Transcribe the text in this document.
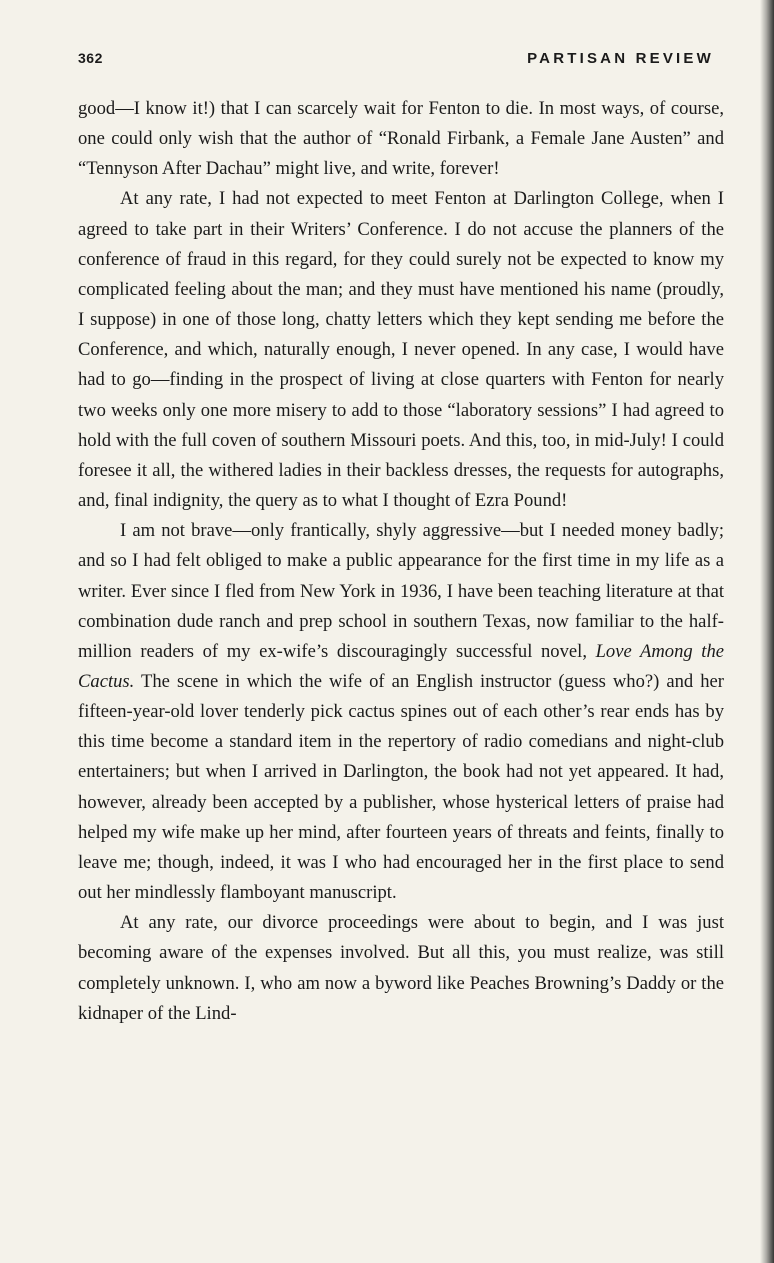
362	PARTISAN REVIEW

good—I know it!) that I can scarcely wait for Fenton to die. In most ways, of course, one could only wish that the author of “Ronald Firbank, a Female Jane Austen” and “Tennyson After Dachau” might live, and write, forever!

At any rate, I had not expected to meet Fenton at Darlington College, when I agreed to take part in their Writers’ Conference. I do not accuse the planners of the conference of fraud in this regard, for they could surely not be expected to know my complicated feeling about the man; and they must have mentioned his name (proudly, I suppose) in one of those long, chatty letters which they kept sending me before the Conference, and which, naturally enough, I never opened. In any case, I would have had to go—finding in the prospect of living at close quarters with Fenton for nearly two weeks only one more misery to add to those “laboratory sessions” I had agreed to hold with the full coven of southern Missouri poets. And this, too, in mid-July! I could foresee it all, the withered ladies in their backless dresses, the requests for autographs, and, final indignity, the query as to what I thought of Ezra Pound!

I am not brave—only frantically, shyly aggressive—but I needed money badly; and so I had felt obliged to make a public appearance for the first time in my life as a writer. Ever since I fled from New York in 1936, I have been teaching literature at that combination dude ranch and prep school in southern Texas, now familiar to the half-million readers of my ex-wife’s discouragingly successful novel, Love Among the Cactus. The scene in which the wife of an English instructor (guess who?) and her fifteen-year-old lover tenderly pick cactus spines out of each other’s rear ends has by this time become a standard item in the repertory of radio comedians and night-club entertainers; but when I arrived in Darlington, the book had not yet appeared. It had, however, already been accepted by a publisher, whose hysterical letters of praise had helped my wife make up her mind, after fourteen years of threats and feints, finally to leave me; though, indeed, it was I who had encouraged her in the first place to send out her mindlessly flamboyant manuscript.

At any rate, our divorce proceedings were about to begin, and I was just becoming aware of the expenses involved. But all this, you must realize, was still completely unknown. I, who am now a byword like Peaches Browning’s Daddy or the kidnaper of the Lind-
